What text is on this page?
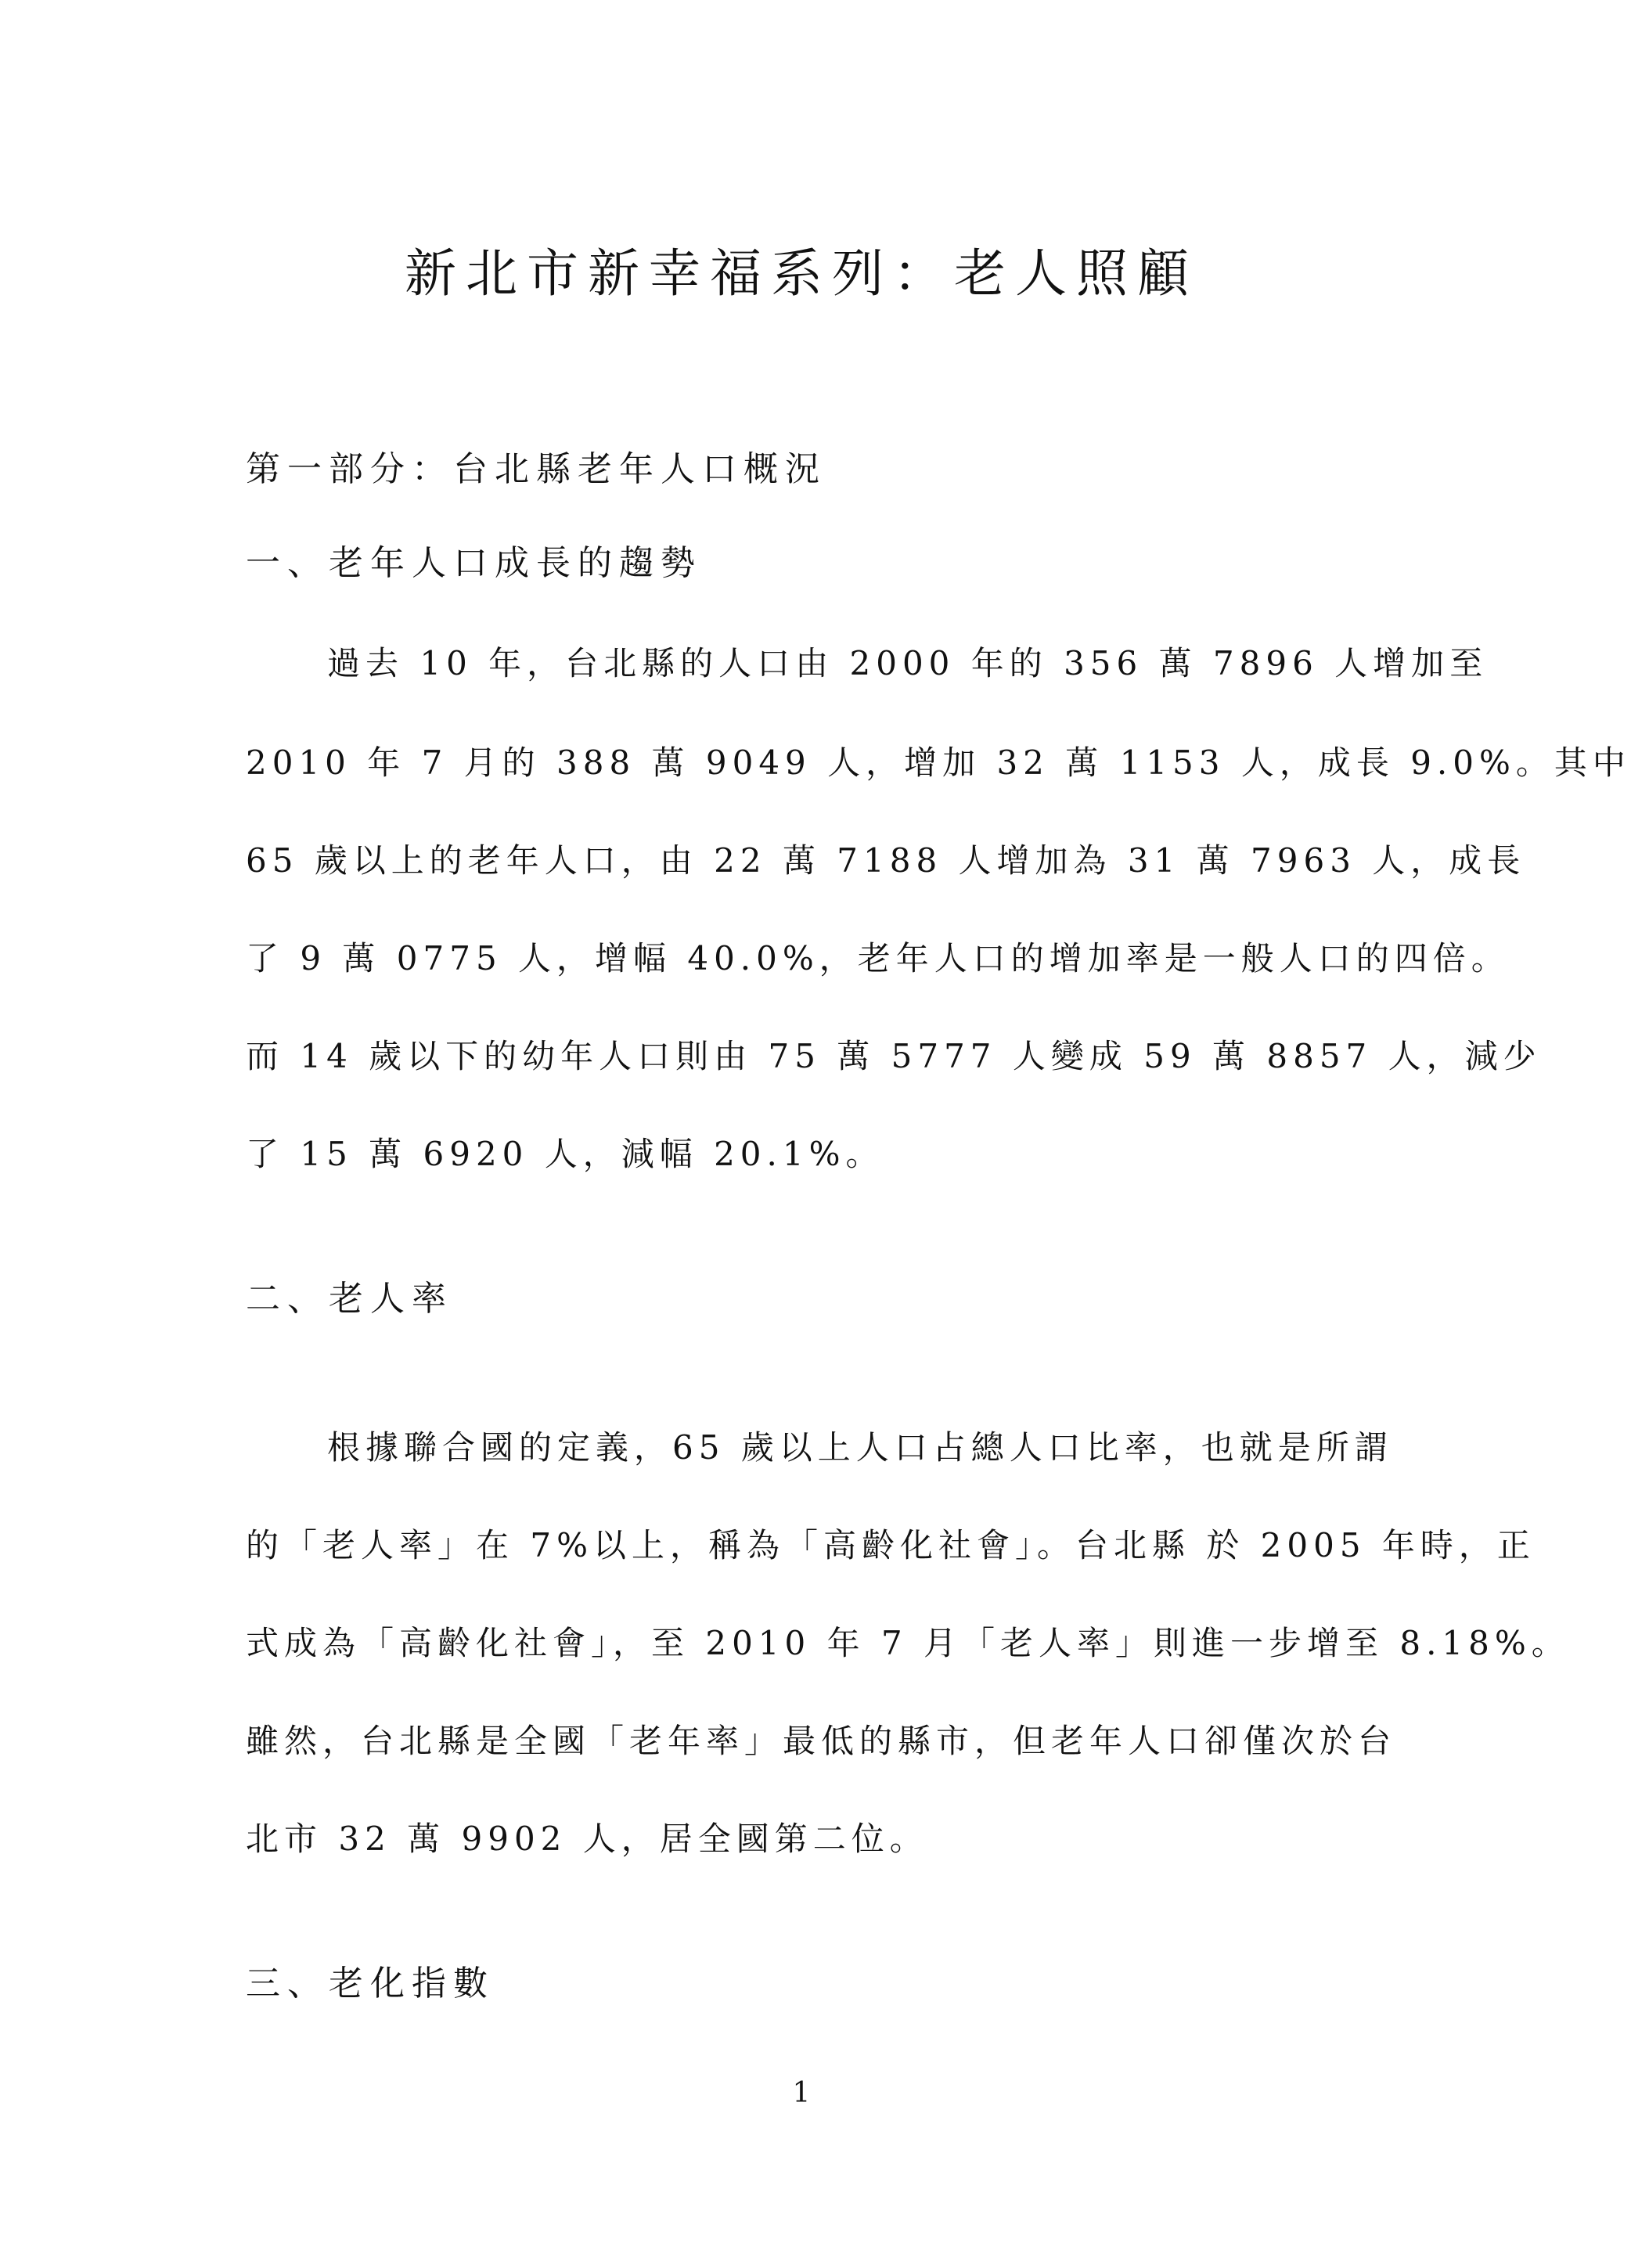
新北市新幸福系列：老人照顧
第一部分：台北縣老年人口概況
一、老年人口成長的趨勢
過去 10 年，台北縣的人口由 2000 年的 356 萬 7896 人增加至
2010 年 7 月的 388 萬 9049 人，增加 32 萬 1153 人，成長 9.0%。其中
65 歲以上的老年人口，由 22 萬 7188 人增加為 31 萬 7963 人，成長
了 9 萬 0775 人，增幅 40.0%，老年人口的增加率是一般人口的四倍。
而 14 歲以下的幼年人口則由 75 萬 5777 人變成 59 萬 8857 人，減少
了 15 萬 6920 人，減幅 20.1%。
二、老人率
根據聯合國的定義，65 歲以上人口占總人口比率，也就是所謂
的「老人率」在 7%以上，稱為「高齡化社會」。台北縣 於 2005 年時，正
式成為「高齡化社會」，至 2010 年 7 月「老人率」則進一步增至 8.18%。
雖然，台北縣是全國「老年率」最低的縣市，但老年人口卻僅次於台
北市 32 萬 9902 人，居全國第二位。
三、老化指數
1
